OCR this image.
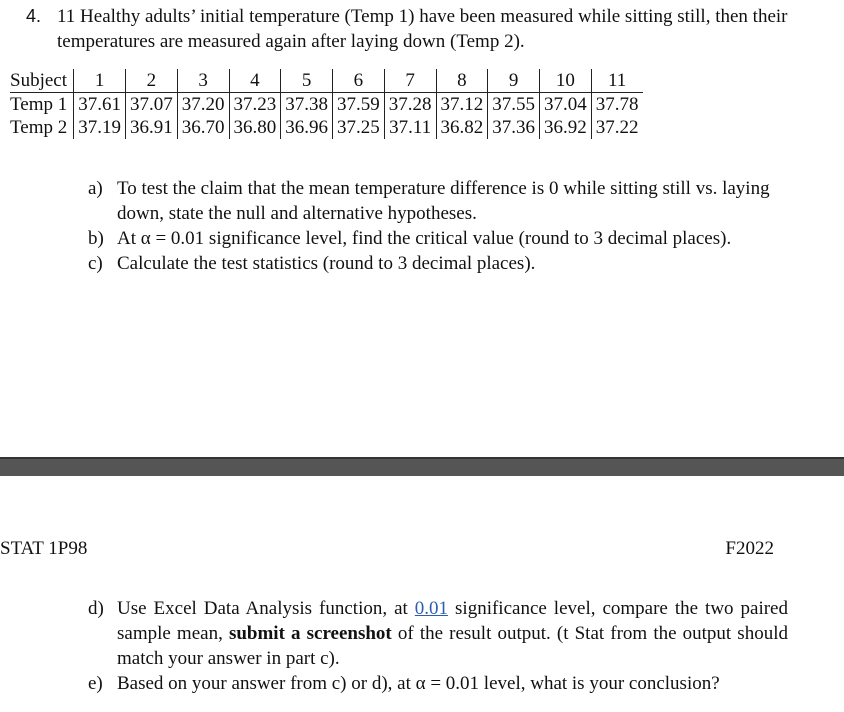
4. 11 Healthy adults’ initial temperature (Temp 1) have been measured while sitting still, then their temperatures are measured again after laying down (Temp 2).
Subject	1	2	3	4	5	6	7	8	9	10	11
Temp 1	37.61	37.07	37.20	37.23	37.38	37.59	37.28	37.12	37.55	37.04	37.78
Temp 2	37.19	36.91	36.70	36.80	36.96	37.25	37.11	36.82	37.36	36.92	37.22
a) To test the claim that the mean temperature difference is 0 while sitting still vs. laying down, state the null and alternative hypotheses.
b) At α = 0.01 significance level, find the critical value (round to 3 decimal places).
c) Calculate the test statistics (round to 3 decimal places).
STAT 1P98	F2022
d) Use Excel Data Analysis function, at 0.01 significance level, compare the two paired sample mean, submit a screenshot of the result output. (t Stat from the output should match your answer in part c).
e) Based on your answer from c) or d), at α = 0.01 level, what is your conclusion?
